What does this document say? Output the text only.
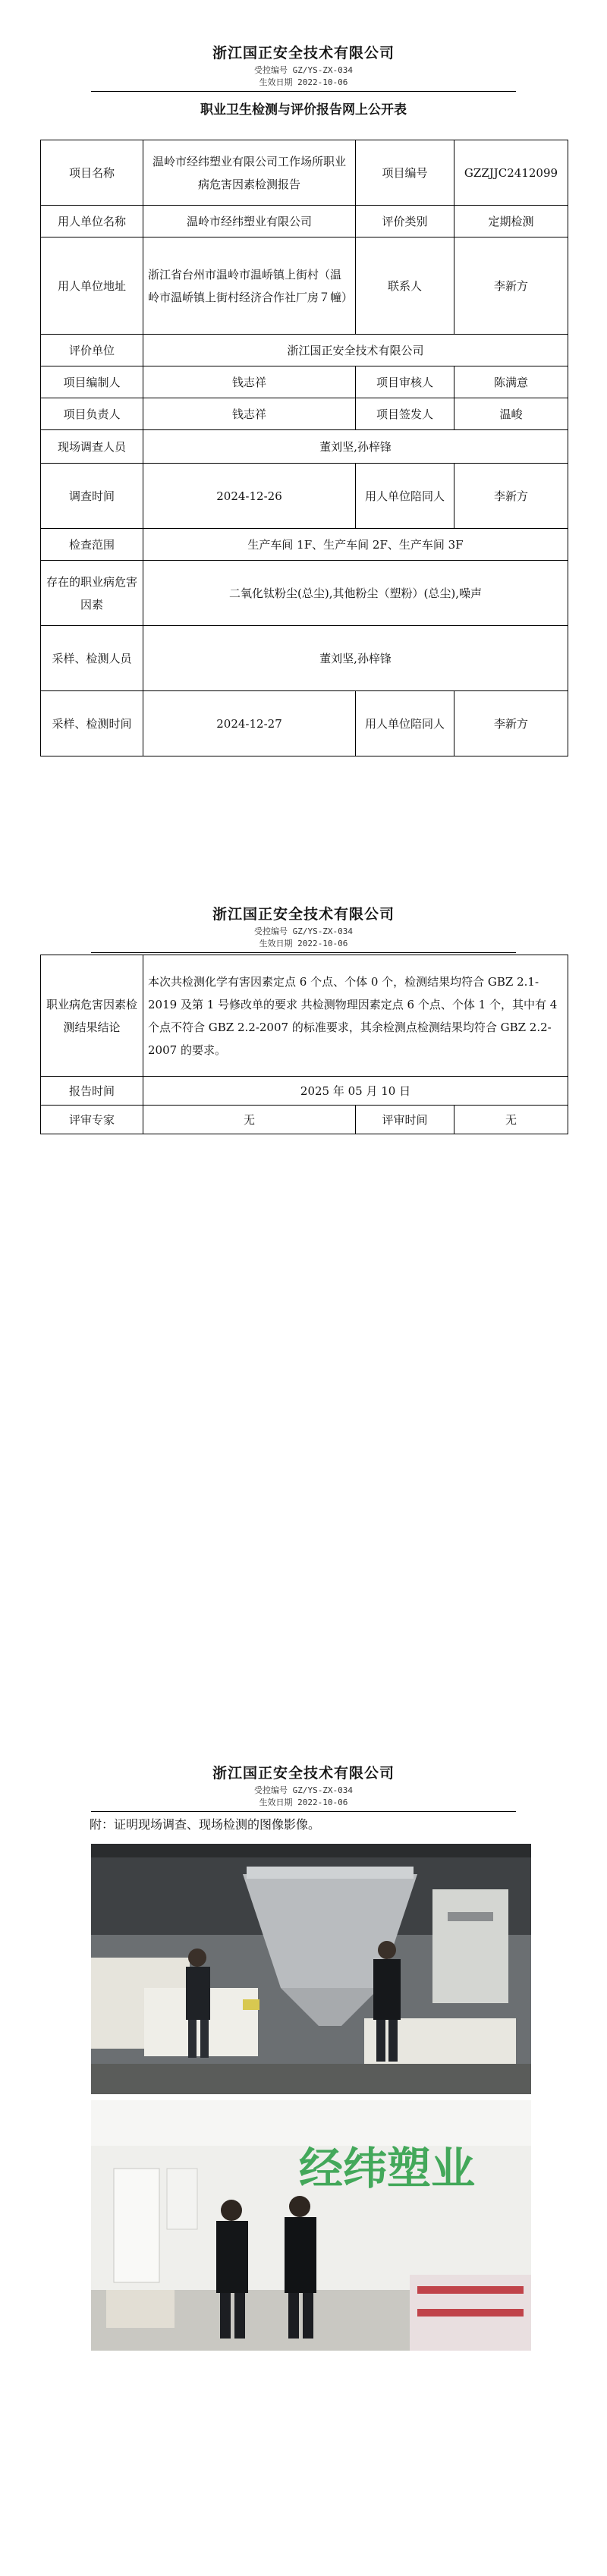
浙江国正安全技术有限公司
受控编号 GZ/YS-ZX-034
生效日期 2022-10-06
职业卫生检测与评价报告网上公开表
项目名称	温岭市经纬塑业有限公司工作场所职业病危害因素检测报告	项目编号	GZZJJC2412099
用人单位名称	温岭市经纬塑业有限公司	评价类别	定期检测
用人单位地址	浙江省台州市温岭市温峤镇上街村（温岭市温峤镇上街村经济合作社厂房７幢）	联系人	李新方
评价单位	浙江国正安全技术有限公司		
项目编制人	钱志祥	项目审核人	陈满意
项目负责人	钱志祥	项目签发人	温峻
现场调查人员	董刘坚,孙梓锋		
调查时间	2024-12-26	用人单位陪同人	李新方
检查范围	生产车间 1F、生产车间 2F、生产车间 3F		
存在的职业病危害因素	二氧化钛粉尘(总尘),其他粉尘（塑粉）(总尘),噪声		
采样、检测人员	董刘坚,孙梓锋		
采样、检测时间	2024-12-27	用人单位陪同人	李新方
浙江国正安全技术有限公司
受控编号 GZ/YS-ZX-034
生效日期 2022-10-06
职业病危害因素检测结果结论	本次共检测化学有害因素定点 6 个点、个体 0 个，检测结果均符合 GBZ 2.1-2019 及第 1 号修改单的要求 共检测物理因素定点 6 个点、个体 1 个，其中有 4 个点不符合 GBZ 2.2-2007 的标准要求，其余检测点检测结果均符合 GBZ 2.2-2007 的要求。		
报告时间	2025 年 05 月 10 日		
评审专家	无	评审时间	无
浙江国正安全技术有限公司
受控编号 GZ/YS-ZX-034
生效日期 2022-10-06
附：证明现场调查、现场检测的图像影像。
经纬塑业
